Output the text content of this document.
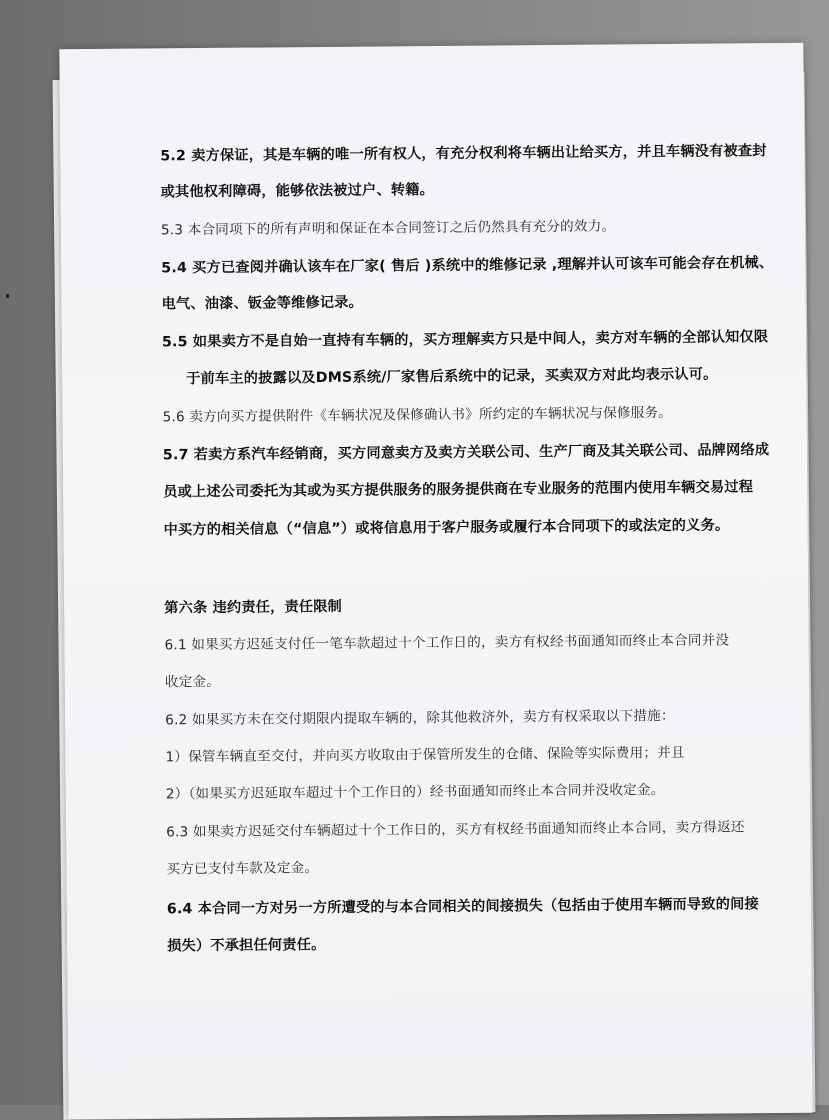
5.2 卖方保证，其是车辆的唯一所有权人，有充分权利将车辆出让给买方，并且车辆没有被查封
或其他权利障碍，能够依法被过户、转籍。
5.3 本合同项下的所有声明和保证在本合同签订之后仍然具有充分的效力。
5.4 买方已查阅并确认该车在厂家( 售后 )系统中的维修记录 ,理解并认可该车可能会存在机械、
电气、油漆、钣金等维修记录。
5.5 如果卖方不是自始一直持有车辆的，买方理解卖方只是中间人，卖方对车辆的全部认知仅限
于前车主的披露以及DMS系统/厂家售后系统中的记录，买卖双方对此均表示认可。
5.6 卖方向买方提供附件《车辆状况及保修确认书》所约定的车辆状况与保修服务。
5.7 若卖方系汽车经销商，买方同意卖方及卖方关联公司、生产厂商及其关联公司、品牌网络成
员或上述公司委托为其或为买方提供服务的服务提供商在专业服务的范围内使用车辆交易过程
中买方的相关信息（“信息”）或将信息用于客户服务或履行本合同项下的或法定的义务。
第六条 违约责任，责任限制
6.1 如果买方迟延支付任一笔车款超过十个工作日的，卖方有权经书面通知而终止本合同并没
收定金。
6.2 如果买方未在交付期限内提取车辆的，除其他救济外，卖方有权采取以下措施：
1）保管车辆直至交付，并向买方收取由于保管所发生的仓储、保险等实际费用；并且
2）（如果买方迟延取车超过十个工作日的）经书面通知而终止本合同并没收定金。
6.3 如果卖方迟延交付车辆超过十个工作日的，买方有权经书面通知而终止本合同，卖方得返还
买方已支付车款及定金。
6.4 本合同一方对另一方所遭受的与本合同相关的间接损失（包括由于使用车辆而导致的间接
损失）不承担任何责任。
